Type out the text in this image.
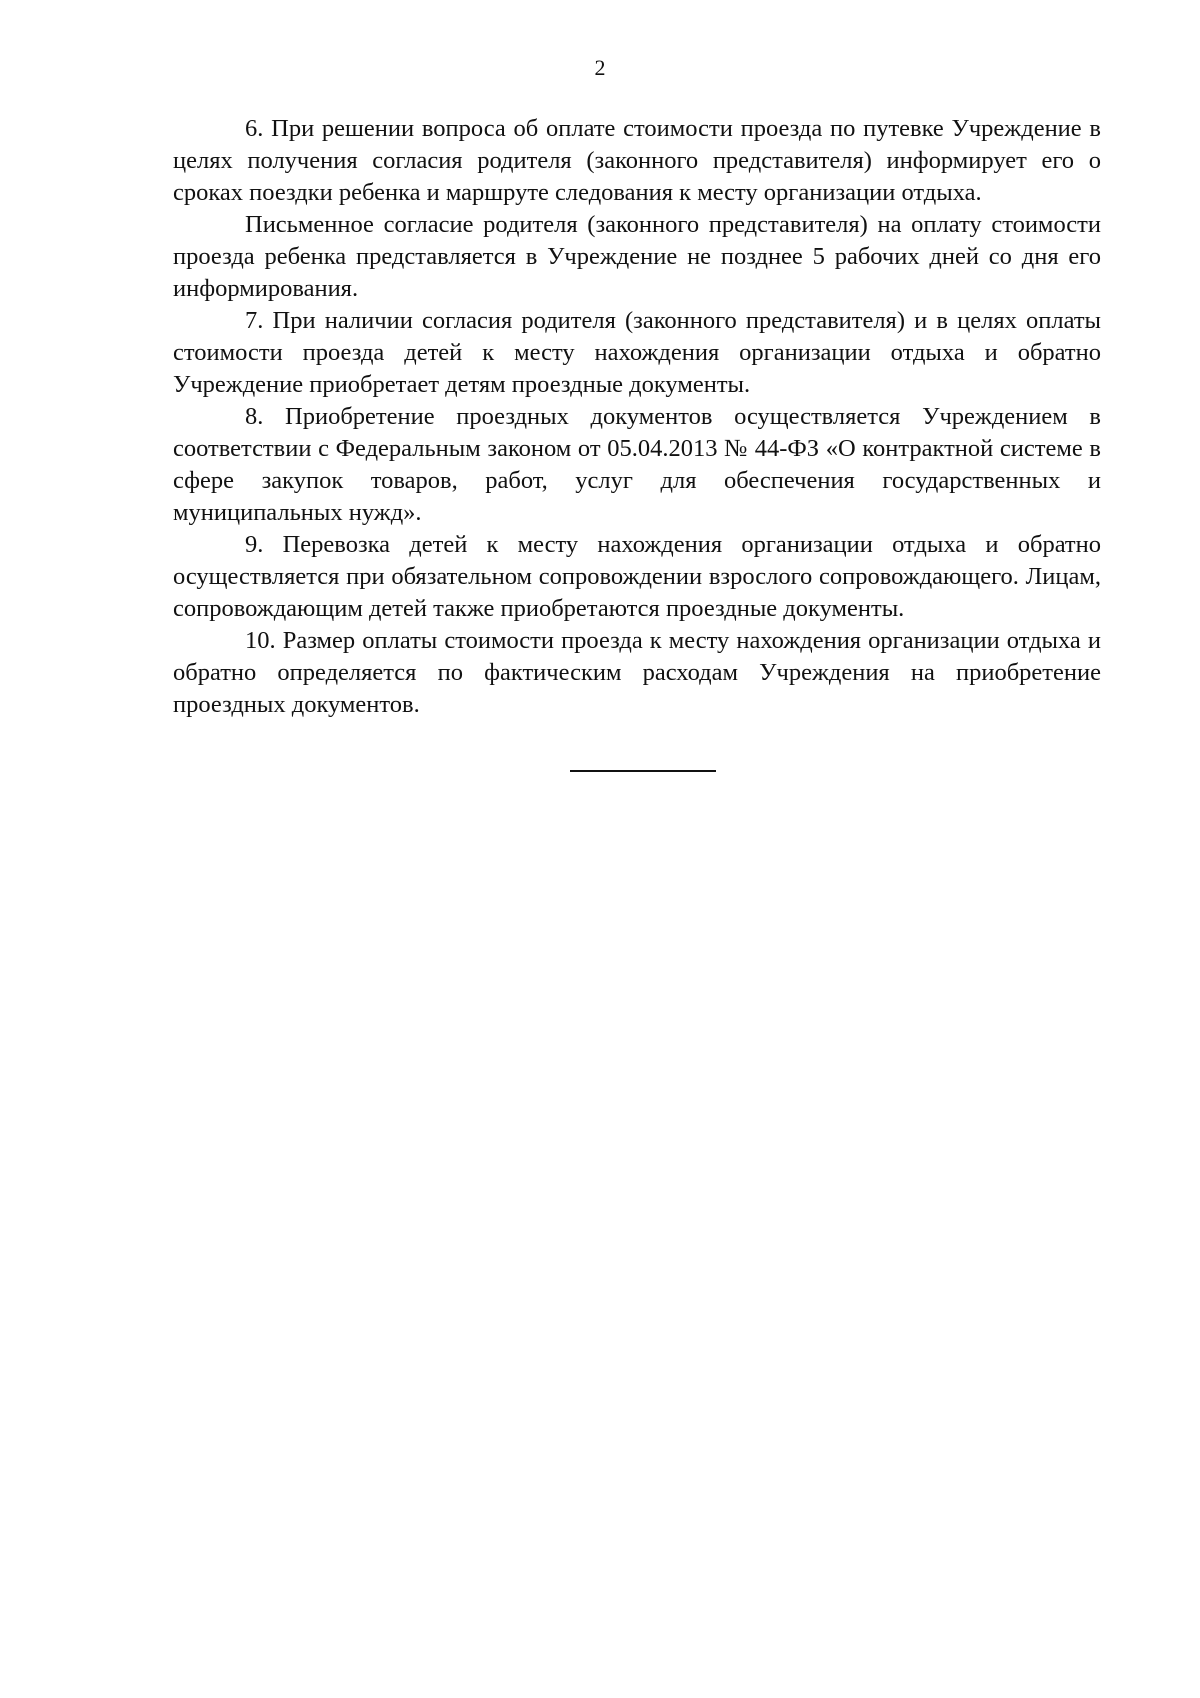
2

6. При решении вопроса об оплате стоимости проезда по путевке Учреждение в целях получения согласия родителя (законного представителя) информирует его о сроках поездки ребенка и маршруте следования к месту организации отдыха.

Письменное согласие родителя (законного представителя) на оплату стоимости проезда ребенка представляется в Учреждение не позднее 5 рабочих дней со дня его информирования.

7. При наличии согласия родителя (законного представителя) и в целях оплаты стоимости проезда детей к месту нахождения организации отдыха и обратно Учреждение приобретает детям проездные документы.

8. Приобретение проездных документов осуществляется Учреждением в соответствии с Федеральным законом от 05.04.2013 № 44-ФЗ «О контрактной системе в сфере закупок товаров, работ, услуг для обеспечения государственных и муниципальных нужд».

9. Перевозка детей к месту нахождения организации отдыха и обратно осуществляется при обязательном сопровождении взрослого сопровождающего. Лицам, сопровождающим детей также приобретаются проездные документы.

10. Размер оплаты стоимости проезда к месту нахождения организации отдыха и обратно определяется по фактическим расходам Учреждения на приобретение проездных документов.
